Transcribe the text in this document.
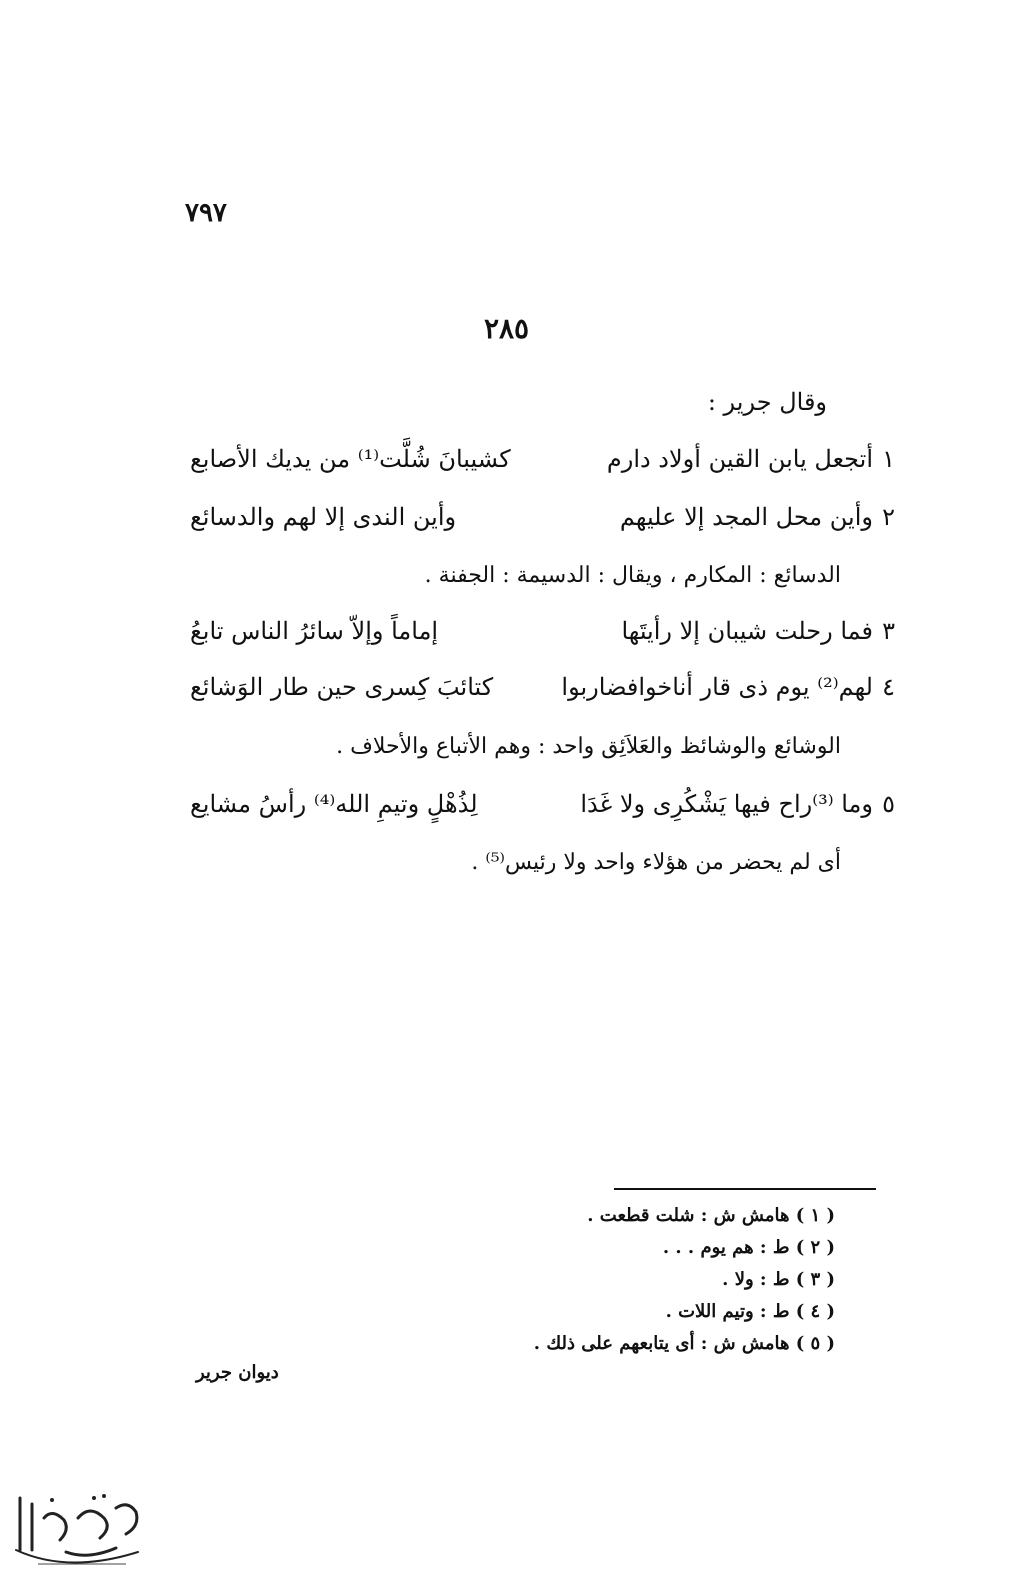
٧٩٧
٢٨٥
وقال جرير :
١
أتجعل يابن القين أولاد دارم
كشيبانَ شُلَّت⁽¹⁾ من يديك الأصابع
٢
وأين محل المجد إلا عليهم
وأين الندى إلا لهم والدسائع
الدسائع : المكارم ، ويقال : الدسيمة : الجفنة .
٣
فما رحلت شيبان إلا رأيتَها
إماماً وإلاّ سائرُ الناس تابعُ
٤
لهم⁽²⁾ يوم ذى قار أناخوافضاربوا
كتائبَ كِسرى حين طار الوَشائع
الوشائع والوشائظ والعَلاَئِق واحد : وهم الأتباع والأحلاف .
٥
وما ⁽³⁾راح فيها يَشْكُرِى ولا غَدَا
لِذُهْلٍ وتيمِ الله⁽⁴⁾ رأسُ مشايع
أى لم يحضر من هؤلاء واحد ولا رئيس⁽⁵⁾ .
( ١ ) هامش ش : شلت قطعت .
( ٢ ) ط : هم يوم . . .
( ٣ ) ط : ولا .
( ٤ ) ط : وتيم اللات .
( ٥ ) هامش ش : أى يتابعهم على ذلك .
ديوان جرير
